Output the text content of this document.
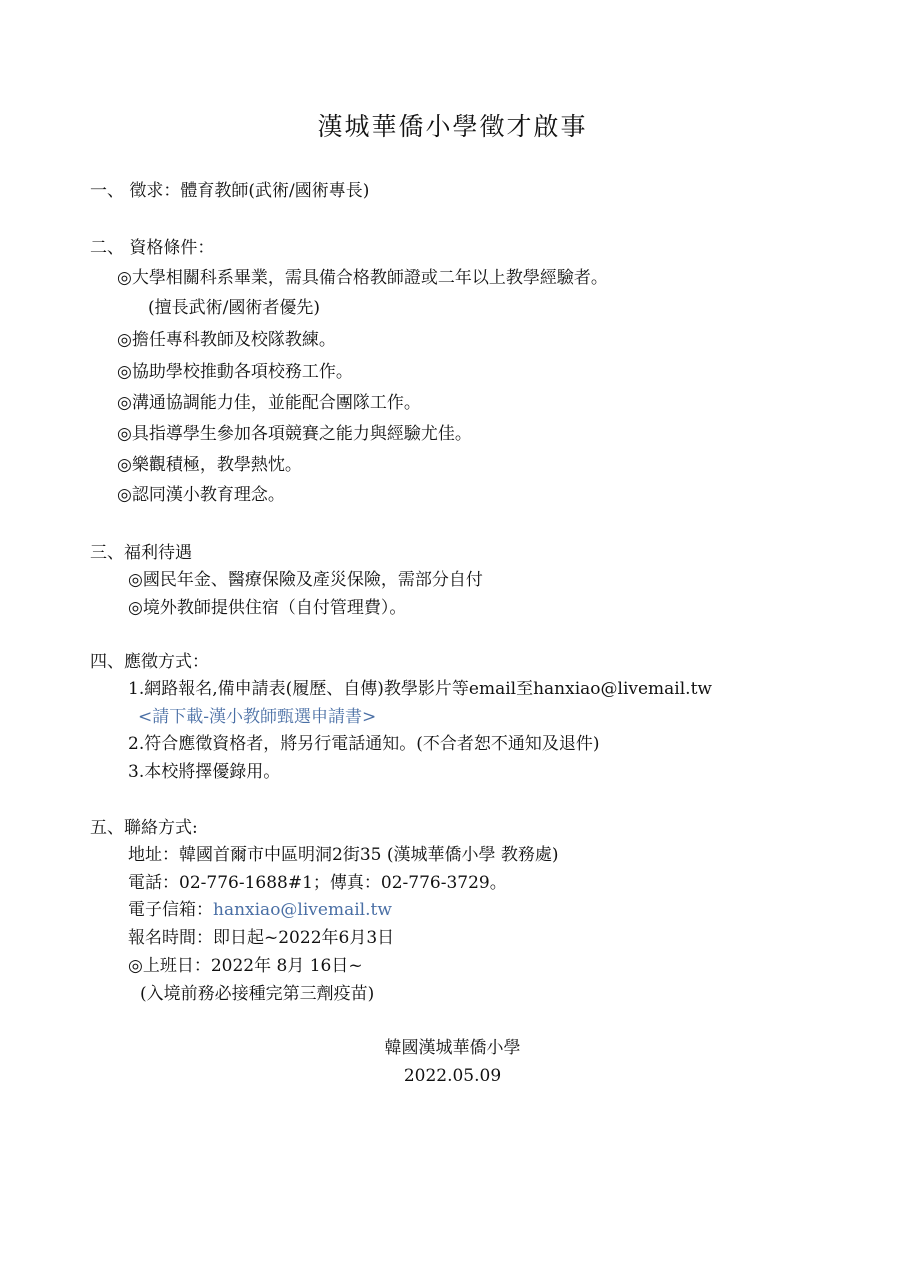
漢城華僑小學徵才啟事
一、 徵求：體育教師(武術/國術專長)
二、 資格條件：
◎大學相關科系畢業，需具備合格教師證或二年以上教學經驗者。
(擅長武術/國術者優先)
◎擔任專科教師及校隊教練。
◎協助學校推動各項校務工作。
◎溝通協調能力佳，並能配合團隊工作。
◎具指導學生參加各項競賽之能力與經驗尤佳。
◎樂觀積極，教學熱忱。
◎認同漢小教育理念。
三、福利待遇
◎國民年金、醫療保險及產災保險，需部分自付
◎境外教師提供住宿（自付管理費）。
四、應徵方式：
1.網路報名,備申請表(履歷、自傳)教學影片等email至hanxiao@livemail.tw
<請下載-漢小教師甄選申請書>
2.符合應徵資格者，將另行電話通知。(不合者恕不通知及退件)
3.本校將擇優錄用。
五、聯絡方式:
地址：韓國首爾市中區明洞2街35 (漢城華僑小學 教務處)
電話：02-776-1688#1；傳真：02-776-3729。
電子信箱：hanxiao@livemail.tw
報名時間：即日起~2022年6月3日
◎上班日：2022年 8月 16日~
(入境前務必接種完第三劑疫苗)
韓國漢城華僑小學
2022.05.09
